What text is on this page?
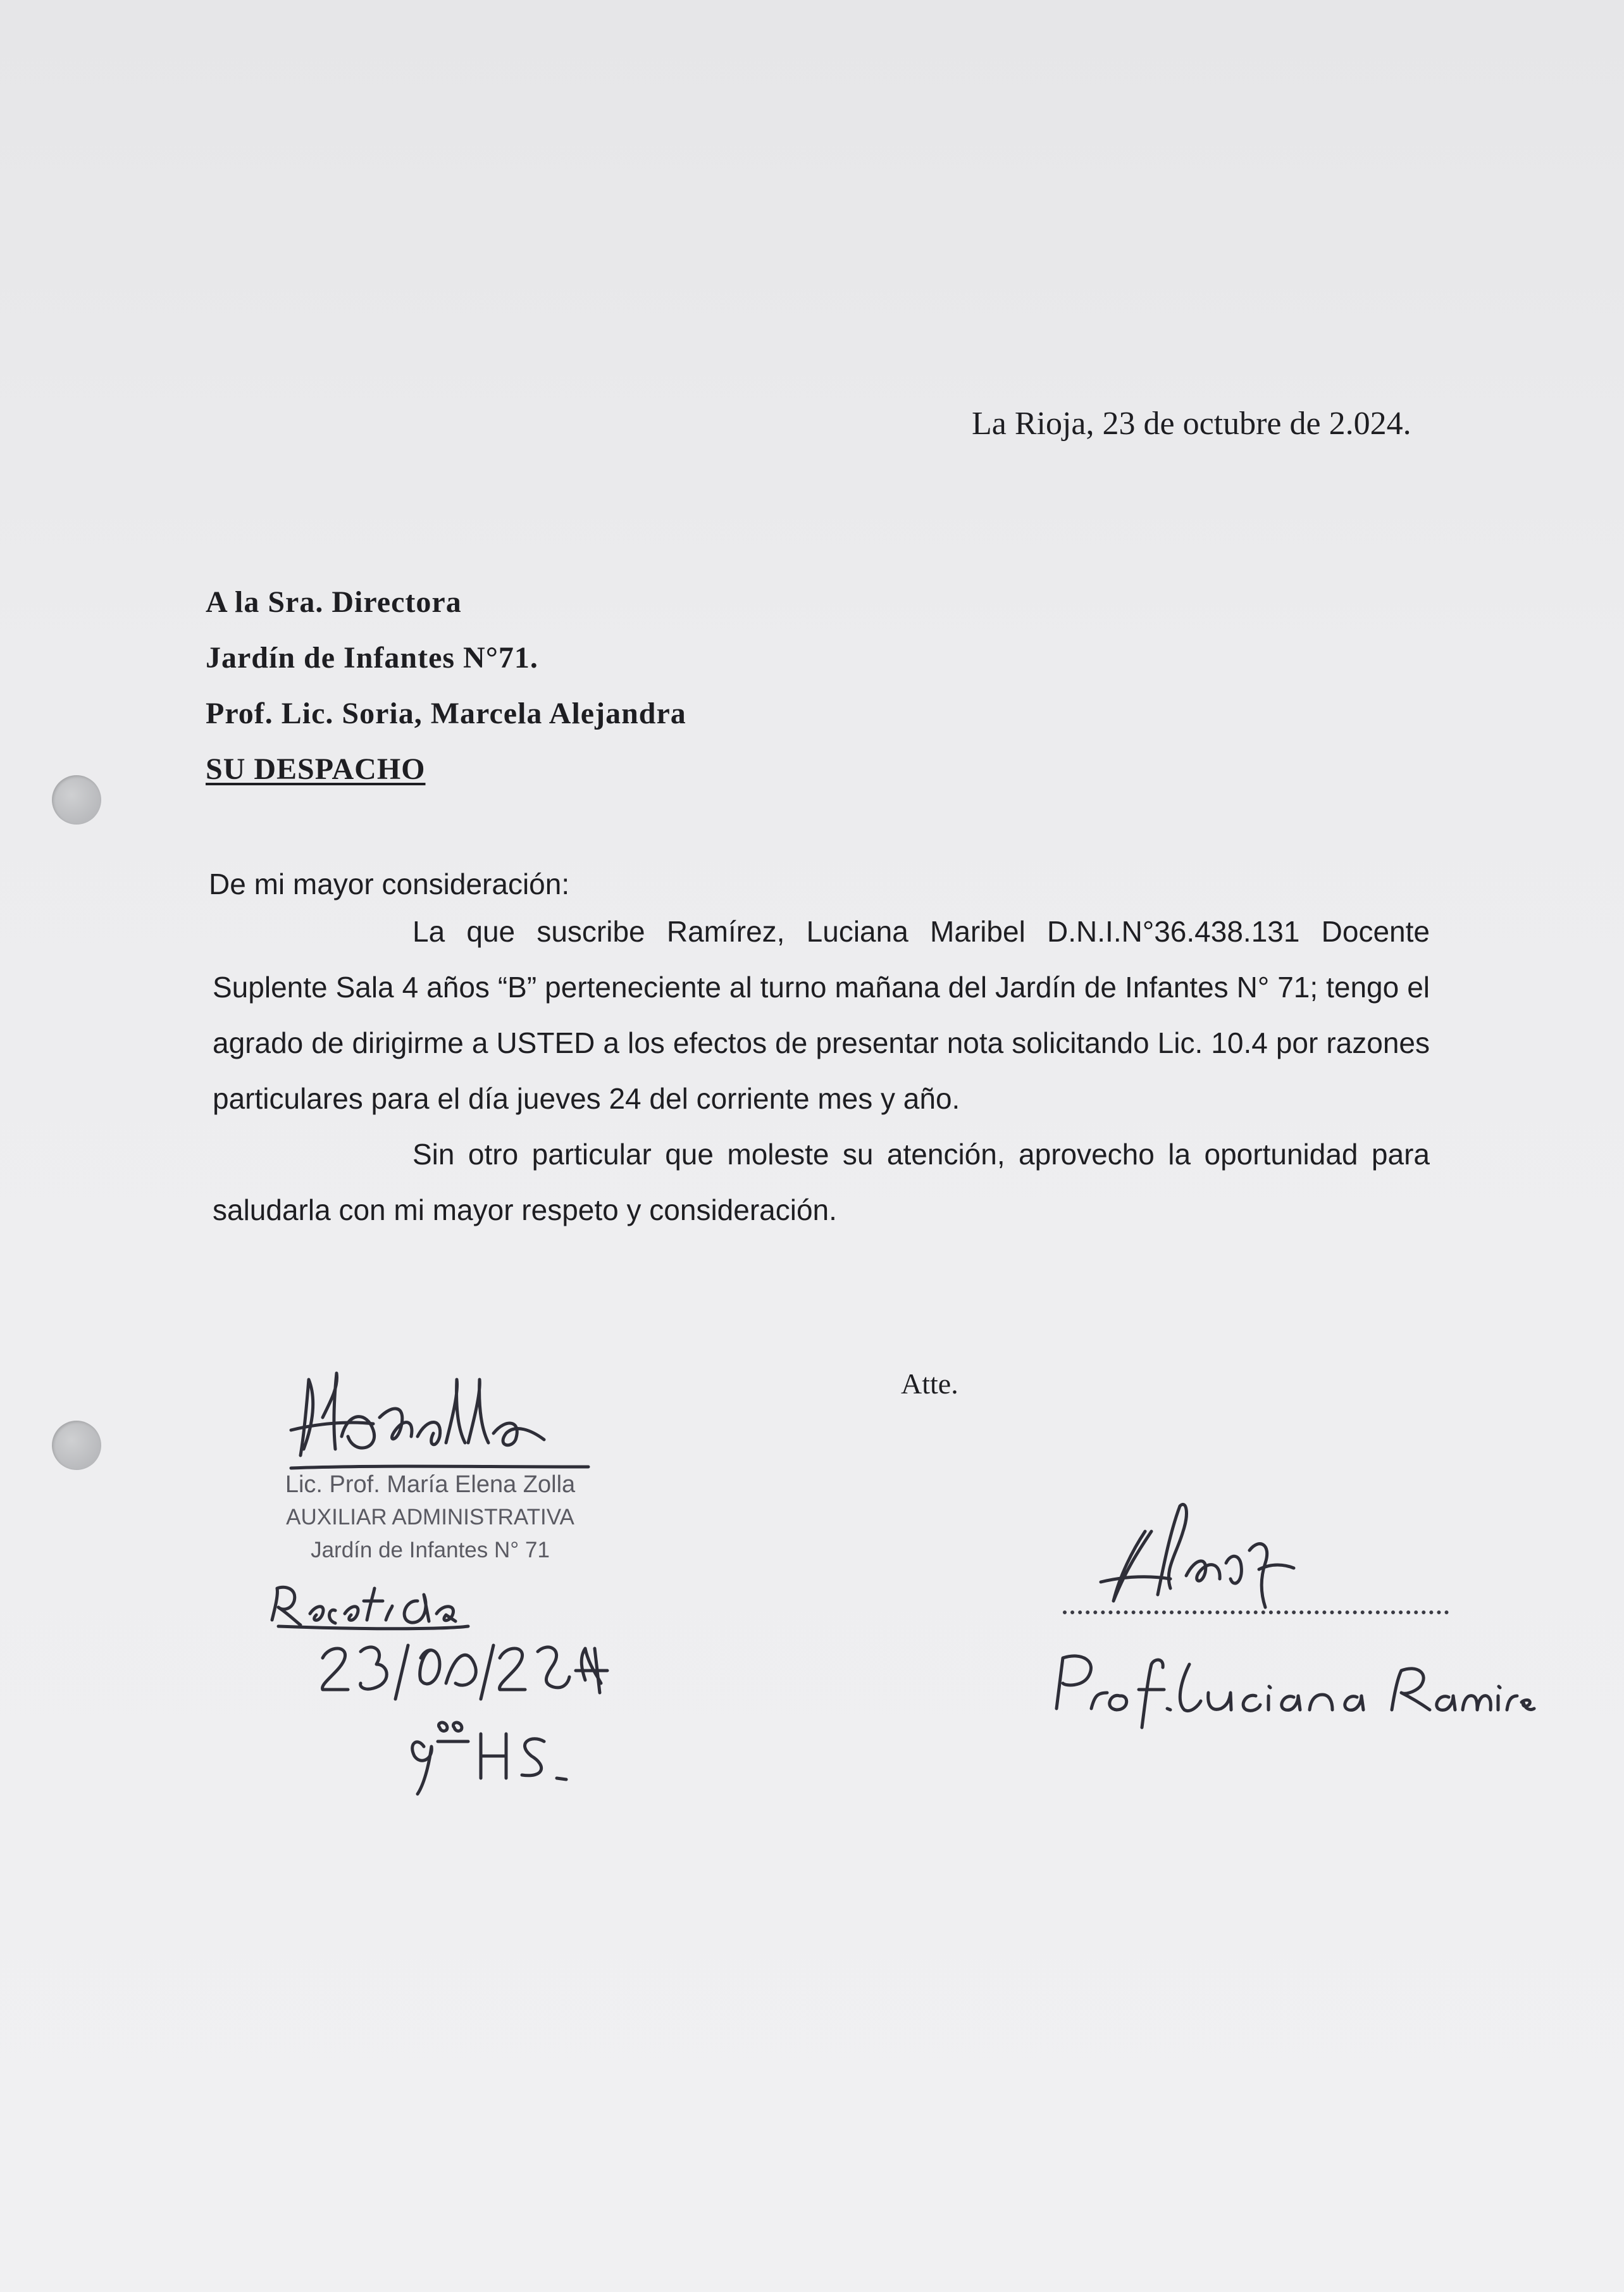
La Rioja, 23 de octubre de 2.024.
A la Sra. Directora
Jardín de Infantes N°71.
Prof. Lic. Soria, Marcela Alejandra
SU DESPACHO
De mi mayor consideración:

La que suscribe Ramírez, Luciana Maribel D.N.I.N°36.438.131 Docente Suplente Sala 4 años “B” perteneciente al turno mañana del Jardín de Infantes N° 71; tengo el agrado de dirigirme a USTED a los efectos de presentar nota solicitando Lic. 10.4 por razones particulares para el día jueves 24 del corriente mes y año.

Sin otro particular que moleste su atención, aprovecho la oportunidad para saludarla con mi mayor respeto y consideración.

Atte.
Lic. Prof. María Elena Zolla
AUXILIAR ADMINISTRATIVA
Jardín de Infantes N° 71
